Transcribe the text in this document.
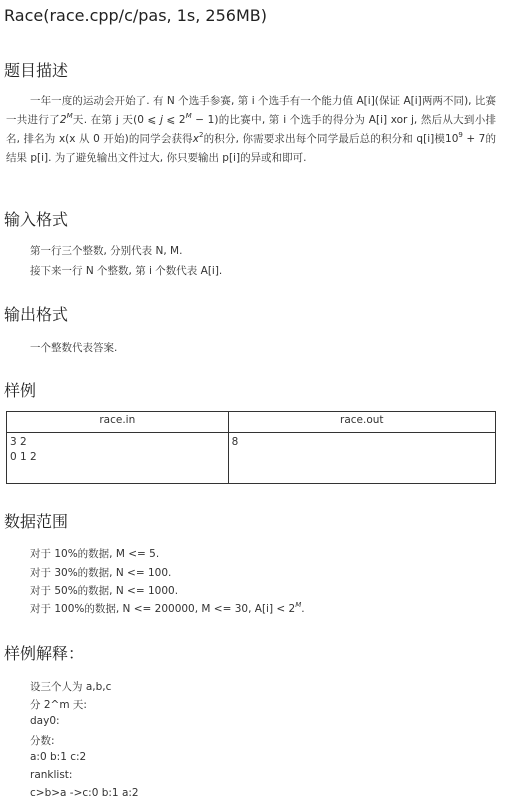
Race(race.cpp/c/pas, 1s, 256MB)
题目描述
一年一度的运动会开始了. 有 N 个选手参赛, 第 i 个选手有一个能力值 A[i](保证 A[i]两两不同), 比赛一共进行了$2^M$天. 在第 j 天(0 ⩽ j ⩽ $2^M - 1$)的比赛中, 第 i 个选手的得分为 A[i] xor j, 然后从大到小排名, 排名为 x(x 从 0 开始)的同学会获得$x^2$的积分, 你需要求出每个同学最后总的积分和 q[i]模$10^9 + 7$的结果 p[i]. 为了避免输出文件过大, 你只要输出 p[i]的异或和即可.
输入格式
第一行三个整数, 分别代表 N, M.
接下来一行 N 个整数, 第 i 个数代表 A[i].
输出格式
一个整数代表答案.
样例
race.in	race.out

3 2
0 1 2	8
数据范围
对于 10%的数据, M <= 5.
对于 30%的数据, N <= 100.
对于 50%的数据, N <= 1000.
对于 100%的数据, N <= 200000, M <= 30, $A[i] < 2^M$.
样例解释：
设三个人为 a,b,c
分 2^m 天:
day0:
分数:
a:0 b:1 c:2
ranklist:
c>b>a ->c:0 b:1 a:2
